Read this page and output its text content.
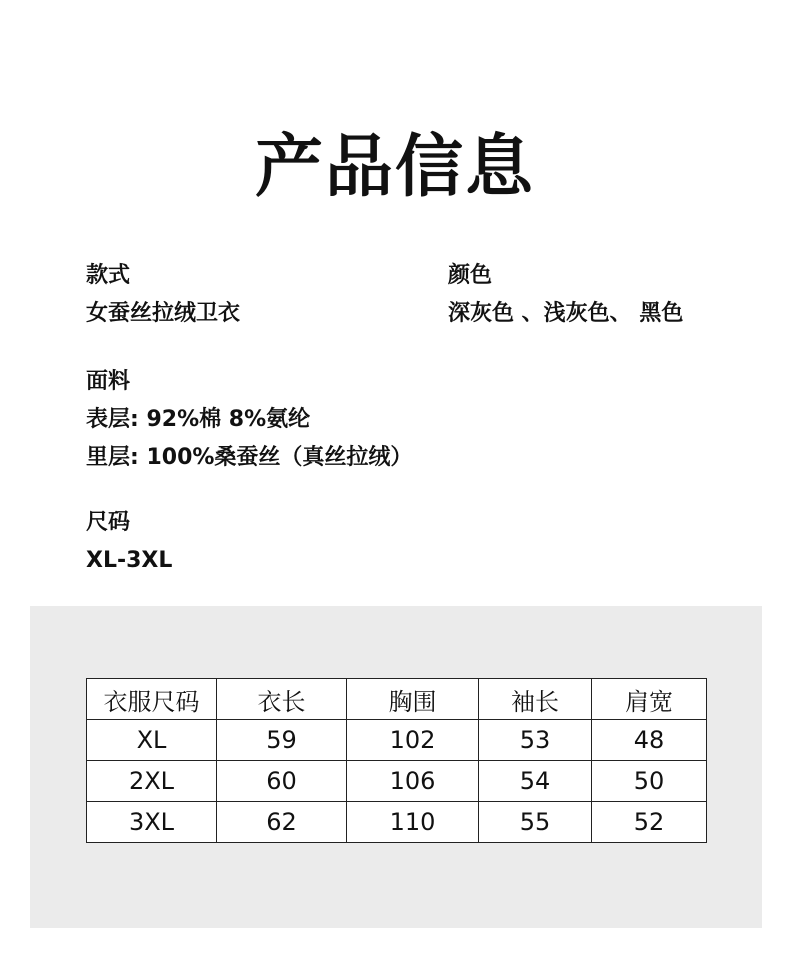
产品信息
款式
女蚕丝拉绒卫衣
颜色
深灰色 、浅灰色、 黑色
面料
表层: 92%棉 8%氨纶
里层: 100%桑蚕丝（真丝拉绒）
尺码
XL-3XL
衣服尺码	衣长	胸围	袖长	肩宽
XL	59	102	53	48
2XL	60	106	54	50
3XL	62	110	55	52
